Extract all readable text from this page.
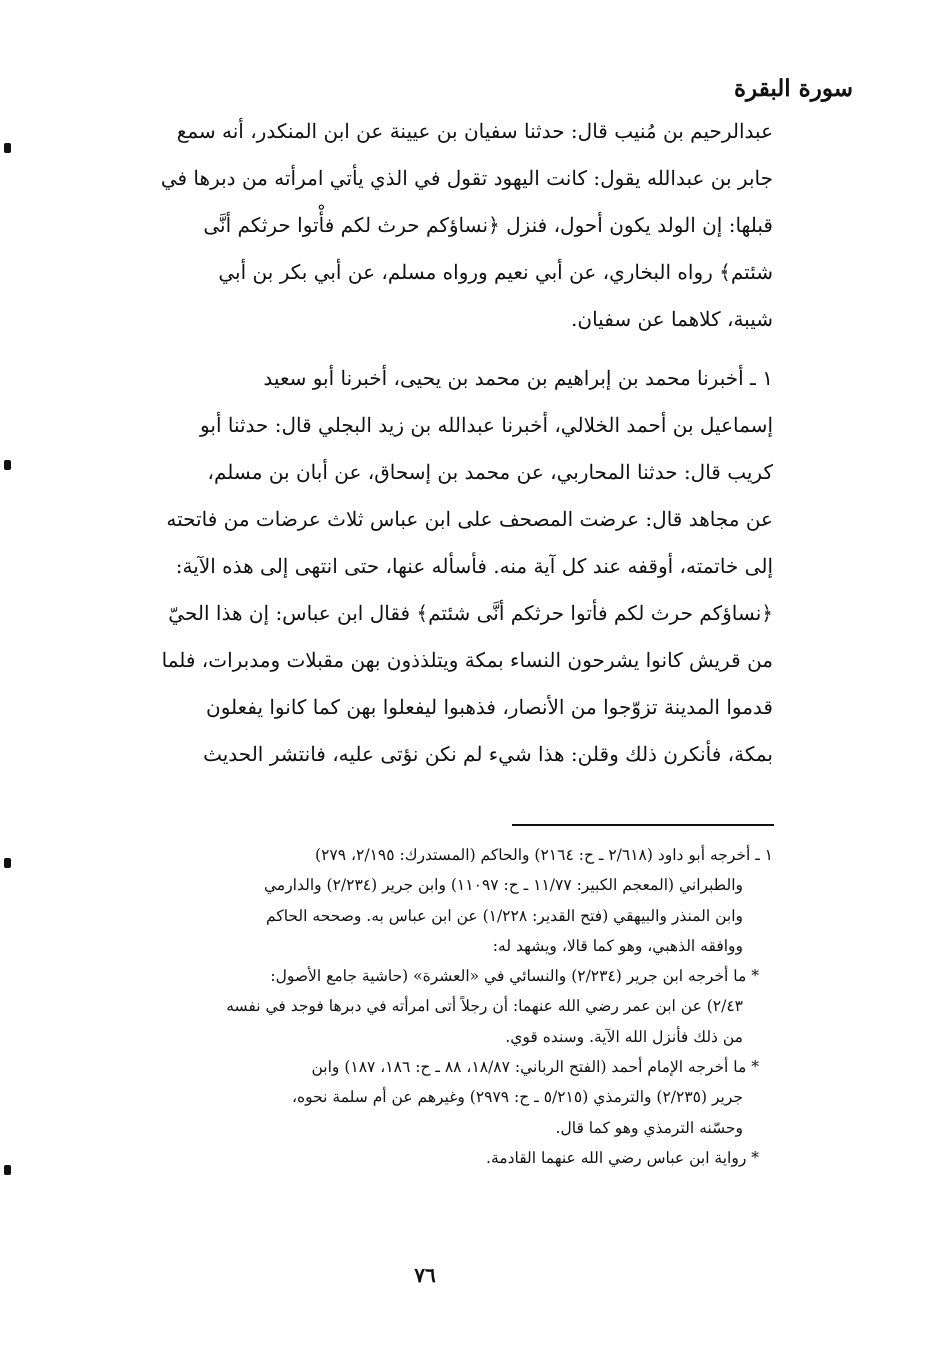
سورة البقرة
عبدالرحيم بن مُنيب قال: حدثنا سفيان بن عيينة عن ابن المنكدر، أنه سمع
جابر بن عبدالله يقول: كانت اليهود تقول في الذي يأتي امرأته من دبرها في
قبلها: إن الولد يكون أحول، فنزل ﴿نساؤكم حرث لكم فأْتوا حرثكم أنَّى
شئتم﴾ رواه البخاري، عن أبي نعيم ورواه مسلم، عن أبي بكر بن أبي
شيبة، كلاهما عن سفيان.
١ ـ أخبرنا محمد بن إبراهيم بن محمد بن يحيى، أخبرنا أبو سعيد
إسماعيل بن أحمد الخلالي، أخبرنا عبدالله بن زيد البجلي قال: حدثنا أبو
كريب قال: حدثنا المحاربي، عن محمد بن إسحاق، عن أبان بن مسلم،
عن مجاهد قال: عرضت المصحف على ابن عباس ثلاث عرضات من فاتحته
إلى خاتمته، أوقفه عند كل آية منه. فأسأله عنها، حتى انتهى إلى هذه الآية:
﴿نساؤكم حرث لكم فأتوا حرثكم أنَّى شئتم﴾ فقال ابن عباس: إن هذا الحيّ
من قريش كانوا يشرحون النساء بمكة ويتلذذون بهن مقبلات ومدبرات، فلما
قدموا المدينة تزوّجوا من الأنصار، فذهبوا ليفعلوا بهن كما كانوا يفعلون
بمكة، فأنكرن ذلك وقلن: هذا شيء لم نكن نؤتى عليه، فانتشر الحديث
١ ـ أخرجه أبو داود (٢/٦١٨ ـ ح: ٢١٦٤) والحاكم (المستدرك: ٢/١٩٥، ٢٧٩)
والطبراني (المعجم الكبير: ١١/٧٧ ـ ح: ١١٠٩٧) وابن جرير (٢/٢٣٤) والدارمي
وابن المنذر والبيهقي (فتح القدير: ١/٢٢٨) عن ابن عباس به. وصححه الحاكم
ووافقه الذهبي، وهو كما قالا، ويشهد له:
* ما أخرجه ابن جرير (٢/٢٣٤) والنسائي في «العشرة» (حاشية جامع الأصول:
٢/٤٣) عن ابن عمر رضي الله عنهما: أن رجلاً أتى امرأته في دبرها فوجد في نفسه
من ذلك فأنزل الله الآية. وسنده قوي.
* ما أخرجه الإمام أحمد (الفتح الرباني: ١٨/٨٧، ٨٨ ـ ح: ١٨٦، ١٨٧) وابن
جرير (٢/٢٣٥) والترمذي (٥/٢١٥ ـ ح: ٢٩٧٩) وغيرهم عن أم سلمة نحوه،
وحسّنه الترمذي وهو كما قال.
* رواية ابن عباس رضي الله عنهما القادمة.
٧٦
